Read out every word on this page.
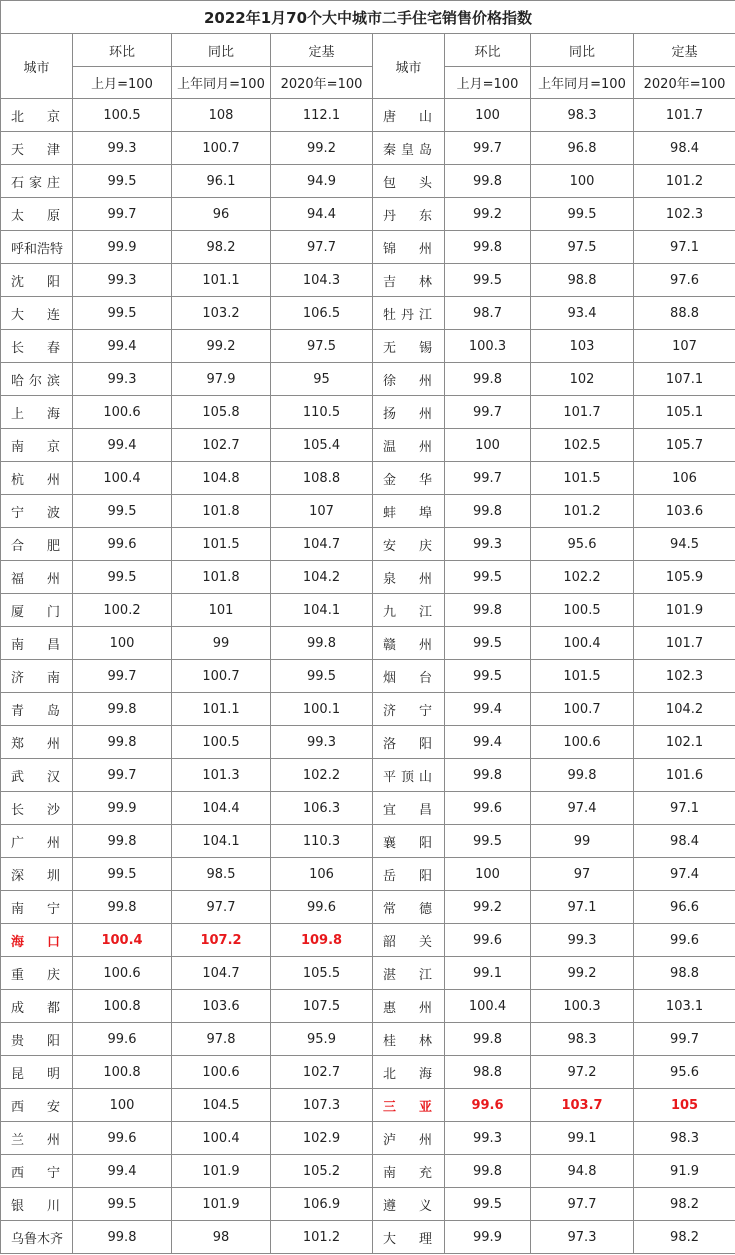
2022年1月70个大中城市二手住宅销售价格指数							
城市	环比	同比	定基	城市	环比	同比	定基
	上月=100	上年同月=100	2020年=100		上月=100	上年同月=100	2020年=100
北　京	100.5	108	112.1	唐　山	100	98.3	101.7
天　津	99.3	100.7	99.2	秦皇岛	99.7	96.8	98.4
石家庄	99.5	96.1	94.9	包　头	99.8	100	101.2
太　原	99.7	96	94.4	丹　东	99.2	99.5	102.3
呼和浩特	99.9	98.2	97.7	锦　州	99.8	97.5	97.1
沈　阳	99.3	101.1	104.3	吉　林	99.5	98.8	97.6
大　连	99.5	103.2	106.5	牡丹江	98.7	93.4	88.8
长　春	99.4	99.2	97.5	无　锡	100.3	103	107
哈尔滨	99.3	97.9	95	徐　州	99.8	102	107.1
上　海	100.6	105.8	110.5	扬　州	99.7	101.7	105.1
南　京	99.4	102.7	105.4	温　州	100	102.5	105.7
杭　州	100.4	104.8	108.8	金　华	99.7	101.5	106
宁　波	99.5	101.8	107	蚌　埠	99.8	101.2	103.6
合　肥	99.6	101.5	104.7	安　庆	99.3	95.6	94.5
福　州	99.5	101.8	104.2	泉　州	99.5	102.2	105.9
厦　门	100.2	101	104.1	九　江	99.8	100.5	101.9
南　昌	100	99	99.8	赣　州	99.5	100.4	101.7
济　南	99.7	100.7	99.5	烟　台	99.5	101.5	102.3
青　岛	99.8	101.1	100.1	济　宁	99.4	100.7	104.2
郑　州	99.8	100.5	99.3	洛　阳	99.4	100.6	102.1
武　汉	99.7	101.3	102.2	平顶山	99.8	99.8	101.6
长　沙	99.9	104.4	106.3	宜　昌	99.6	97.4	97.1
广　州	99.8	104.1	110.3	襄　阳	99.5	99	98.4
深　圳	99.5	98.5	106	岳　阳	100	97	97.4
南　宁	99.8	97.7	99.6	常　德	99.2	97.1	96.6
海　口	100.4	107.2	109.8	韶　关	99.6	99.3	99.6
重　庆	100.6	104.7	105.5	湛　江	99.1	99.2	98.8
成　都	100.8	103.6	107.5	惠　州	100.4	100.3	103.1
贵　阳	99.6	97.8	95.9	桂　林	99.8	98.3	99.7
昆　明	100.8	100.6	102.7	北　海	98.8	97.2	95.6
西　安	100	104.5	107.3	三　亚	99.6	103.7	105
兰　州	99.6	100.4	102.9	泸　州	99.3	99.1	98.3
西　宁	99.4	101.9	105.2	南　充	99.8	94.8	91.9
银　川	99.5	101.9	106.9	遵　义	99.5	97.7	98.2
乌鲁木齐	99.8	98	101.2	大　理	99.9	97.3	98.2
